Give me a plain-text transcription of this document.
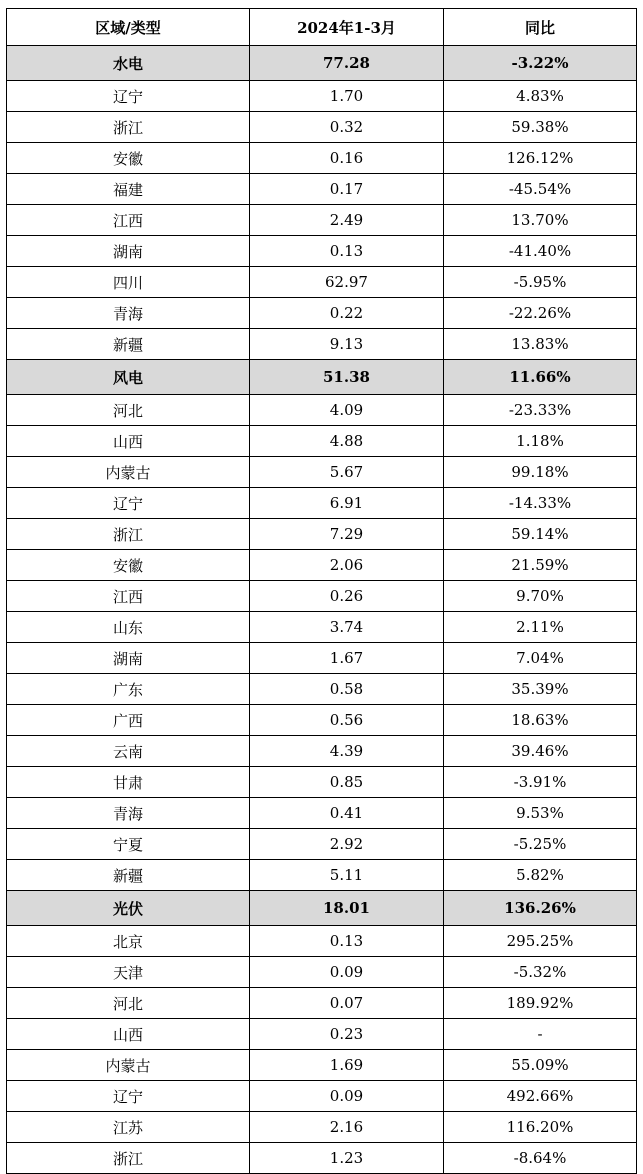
区域/类型	2024年1-3月	同比
水电	77.28	-3.22%
辽宁	1.70	4.83%
浙江	0.32	59.38%
安徽	0.16	126.12%
福建	0.17	-45.54%
江西	2.49	13.70%
湖南	0.13	-41.40%
四川	62.97	-5.95%
青海	0.22	-22.26%
新疆	9.13	13.83%
风电	51.38	11.66%
河北	4.09	-23.33%
山西	4.88	1.18%
内蒙古	5.67	99.18%
辽宁	6.91	-14.33%
浙江	7.29	59.14%
安徽	2.06	21.59%
江西	0.26	9.70%
山东	3.74	2.11%
湖南	1.67	7.04%
广东	0.58	35.39%
广西	0.56	18.63%
云南	4.39	39.46%
甘肃	0.85	-3.91%
青海	0.41	9.53%
宁夏	2.92	-5.25%
新疆	5.11	5.82%
光伏	18.01	136.26%
北京	0.13	295.25%
天津	0.09	-5.32%
河北	0.07	189.92%
山西	0.23	-
内蒙古	1.69	55.09%
辽宁	0.09	492.66%
江苏	2.16	116.20%
浙江	1.23	-8.64%
